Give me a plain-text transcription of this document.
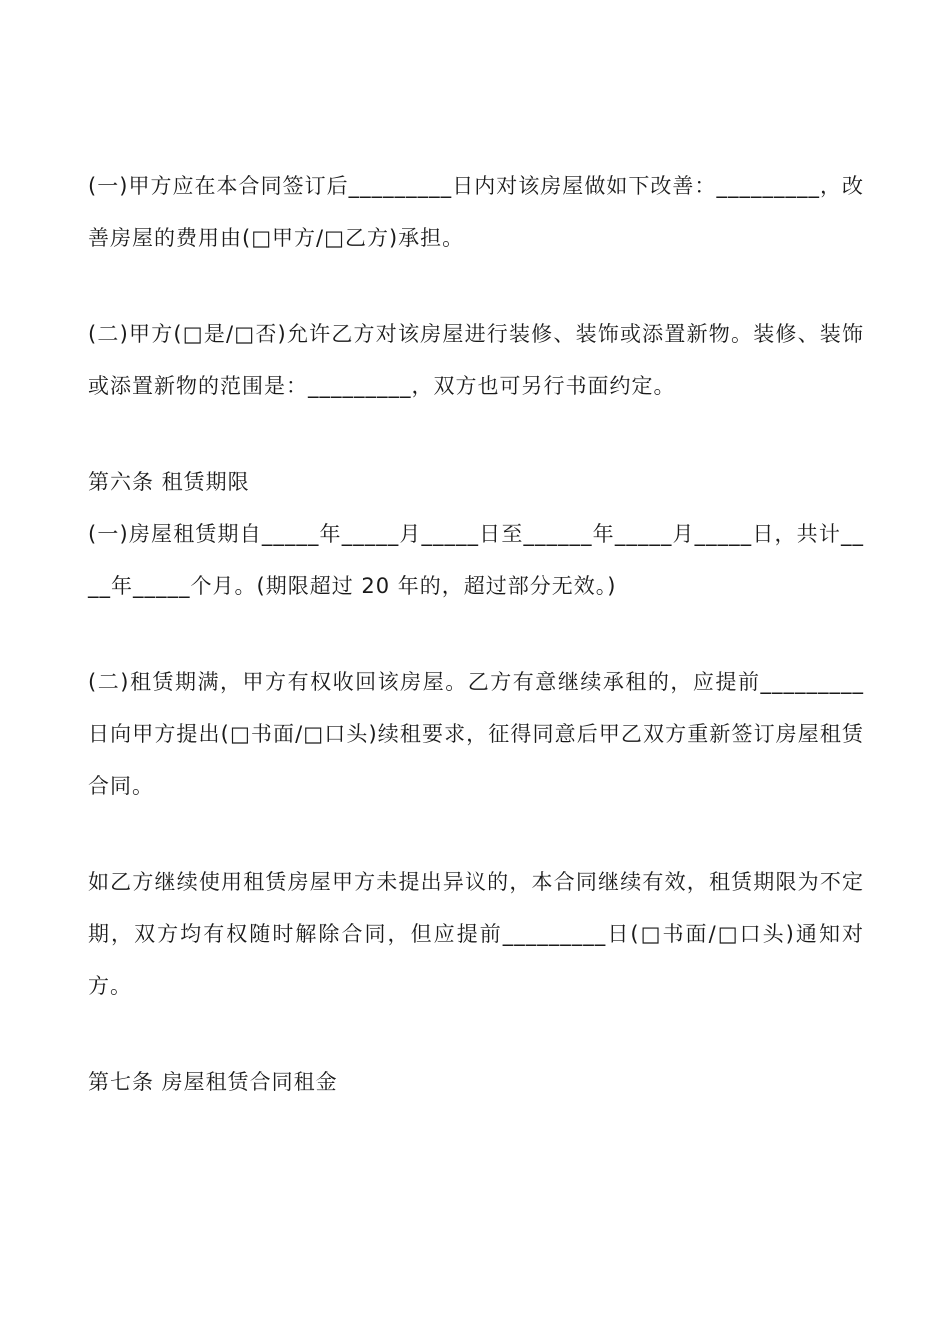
(一)甲方应在本合同签订后_________日内对该房屋做如下改善：_________，改善房屋的费用由(□甲方/□乙方)承担。

(二)甲方(□是/□否)允许乙方对该房屋进行装修、装饰或添置新物。装修、装饰或添置新物的范围是：_________，双方也可另行书面约定。

第六条 租赁期限

(一)房屋租赁期自_____年_____月_____日至______年_____月_____日，共计____年_____个月。(期限超过 20 年的，超过部分无效。)

(二)租赁期满，甲方有权收回该房屋。乙方有意继续承租的，应提前_________日向甲方提出(□书面/□口头)续租要求，征得同意后甲乙双方重新签订房屋租赁合同。

如乙方继续使用租赁房屋甲方未提出异议的，本合同继续有效，租赁期限为不定期，双方均有权随时解除合同，但应提前_________日(□书面/□口头)通知对方。

第七条 房屋租赁合同租金
